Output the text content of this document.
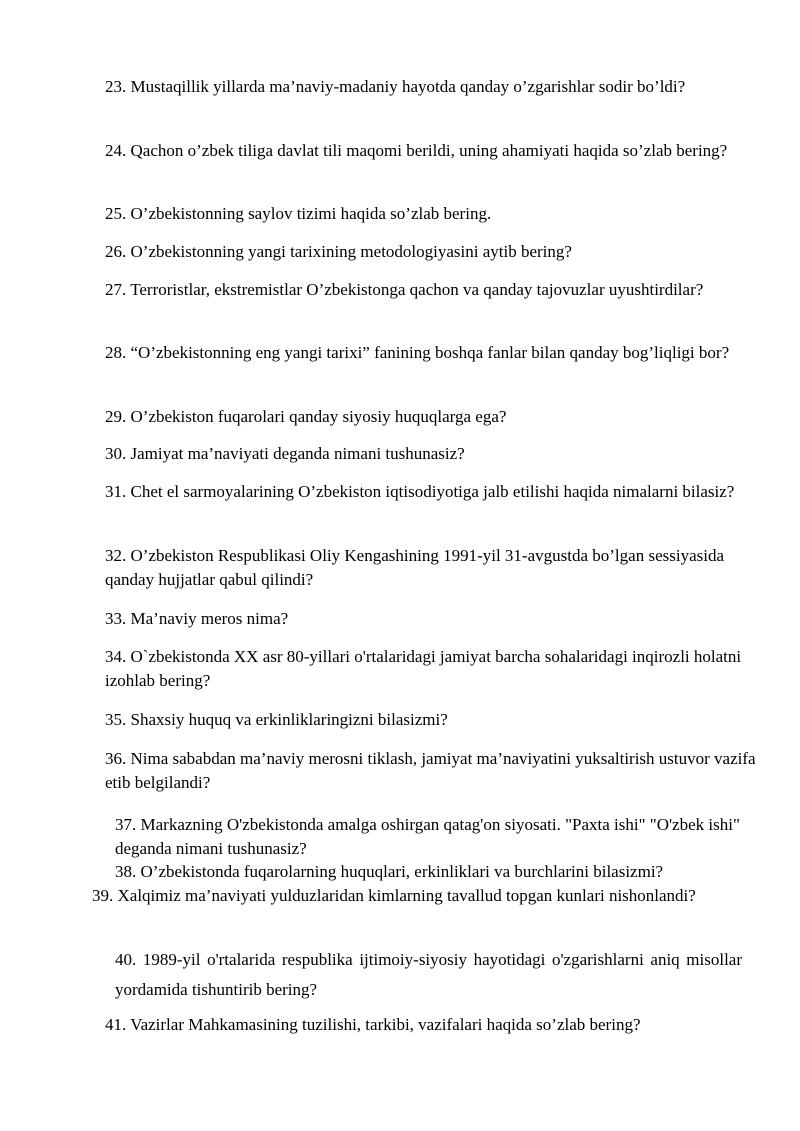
23. Mustaqillik yillarda ma’naviy-madaniy hayotda qanday o’zgarishlar sodir bo’ldi?

24. Qachon o’zbek tiliga davlat tili maqomi berildi, uning ahamiyati haqida so’zlab bering?

25. O’zbekistonning saylov tizimi haqida so’zlab bering.

26. O’zbekistonning yangi tarixining metodologiyasini aytib bering?

27. Terroristlar, ekstremistlar O’zbekistonga qachon va qanday tajovuzlar uyushtirdilar?

28. “O’zbekistonning eng yangi tarixi” fanining boshqa fanlar bilan qanday bog’liqligi bor?

29. O’zbekiston fuqarolari qanday siyosiy huquqlarga ega?

30. Jamiyat ma’naviyati deganda nimani tushunasiz?

31. Chet el sarmoyalarining O’zbekiston iqtisodiyotiga jalb etilishi haqida nimalarni bilasiz?

32. O’zbekiston Respublikasi Oliy Kengashining 1991-yil 31-avgustda bo’lgan sessiyasida qanday hujjatlar qabul qilindi?

33. Ma’naviy meros nima?

34. O`zbekistonda XX asr 80-yillari o'rtalaridagi jamiyat barcha sohalaridagi inqirozli holatni izohlab bering?

35. Shaxsiy huquq va erkinliklaringizni bilasizmi?

36. Nima sababdan ma’naviy merosni tiklash, jamiyat ma’naviyatini yuksaltirish ustuvor vazifa etib belgilandi?

37. Markazning O'zbekistonda amalga oshirgan qatag'on siyosati. "Paxta ishi" "O'zbek ishi" deganda nimani tushunasiz?

38. O’zbekistonda fuqarolarning huquqlari, erkinliklari va burchlarini bilasizmi?

39. Xalqimiz ma’naviyati yulduzlaridan kimlarning tavallud topgan kunlari nishonlandi?

40. 1989-yil o'rtalarida respublika ijtimoiy-siyosiy hayotidagi o'zgarishlarni aniq misollar yordamida tishuntirib bering?

41. Vazirlar Mahkamasining tuzilishi, tarkibi, vazifalari haqida so’zlab bering?
